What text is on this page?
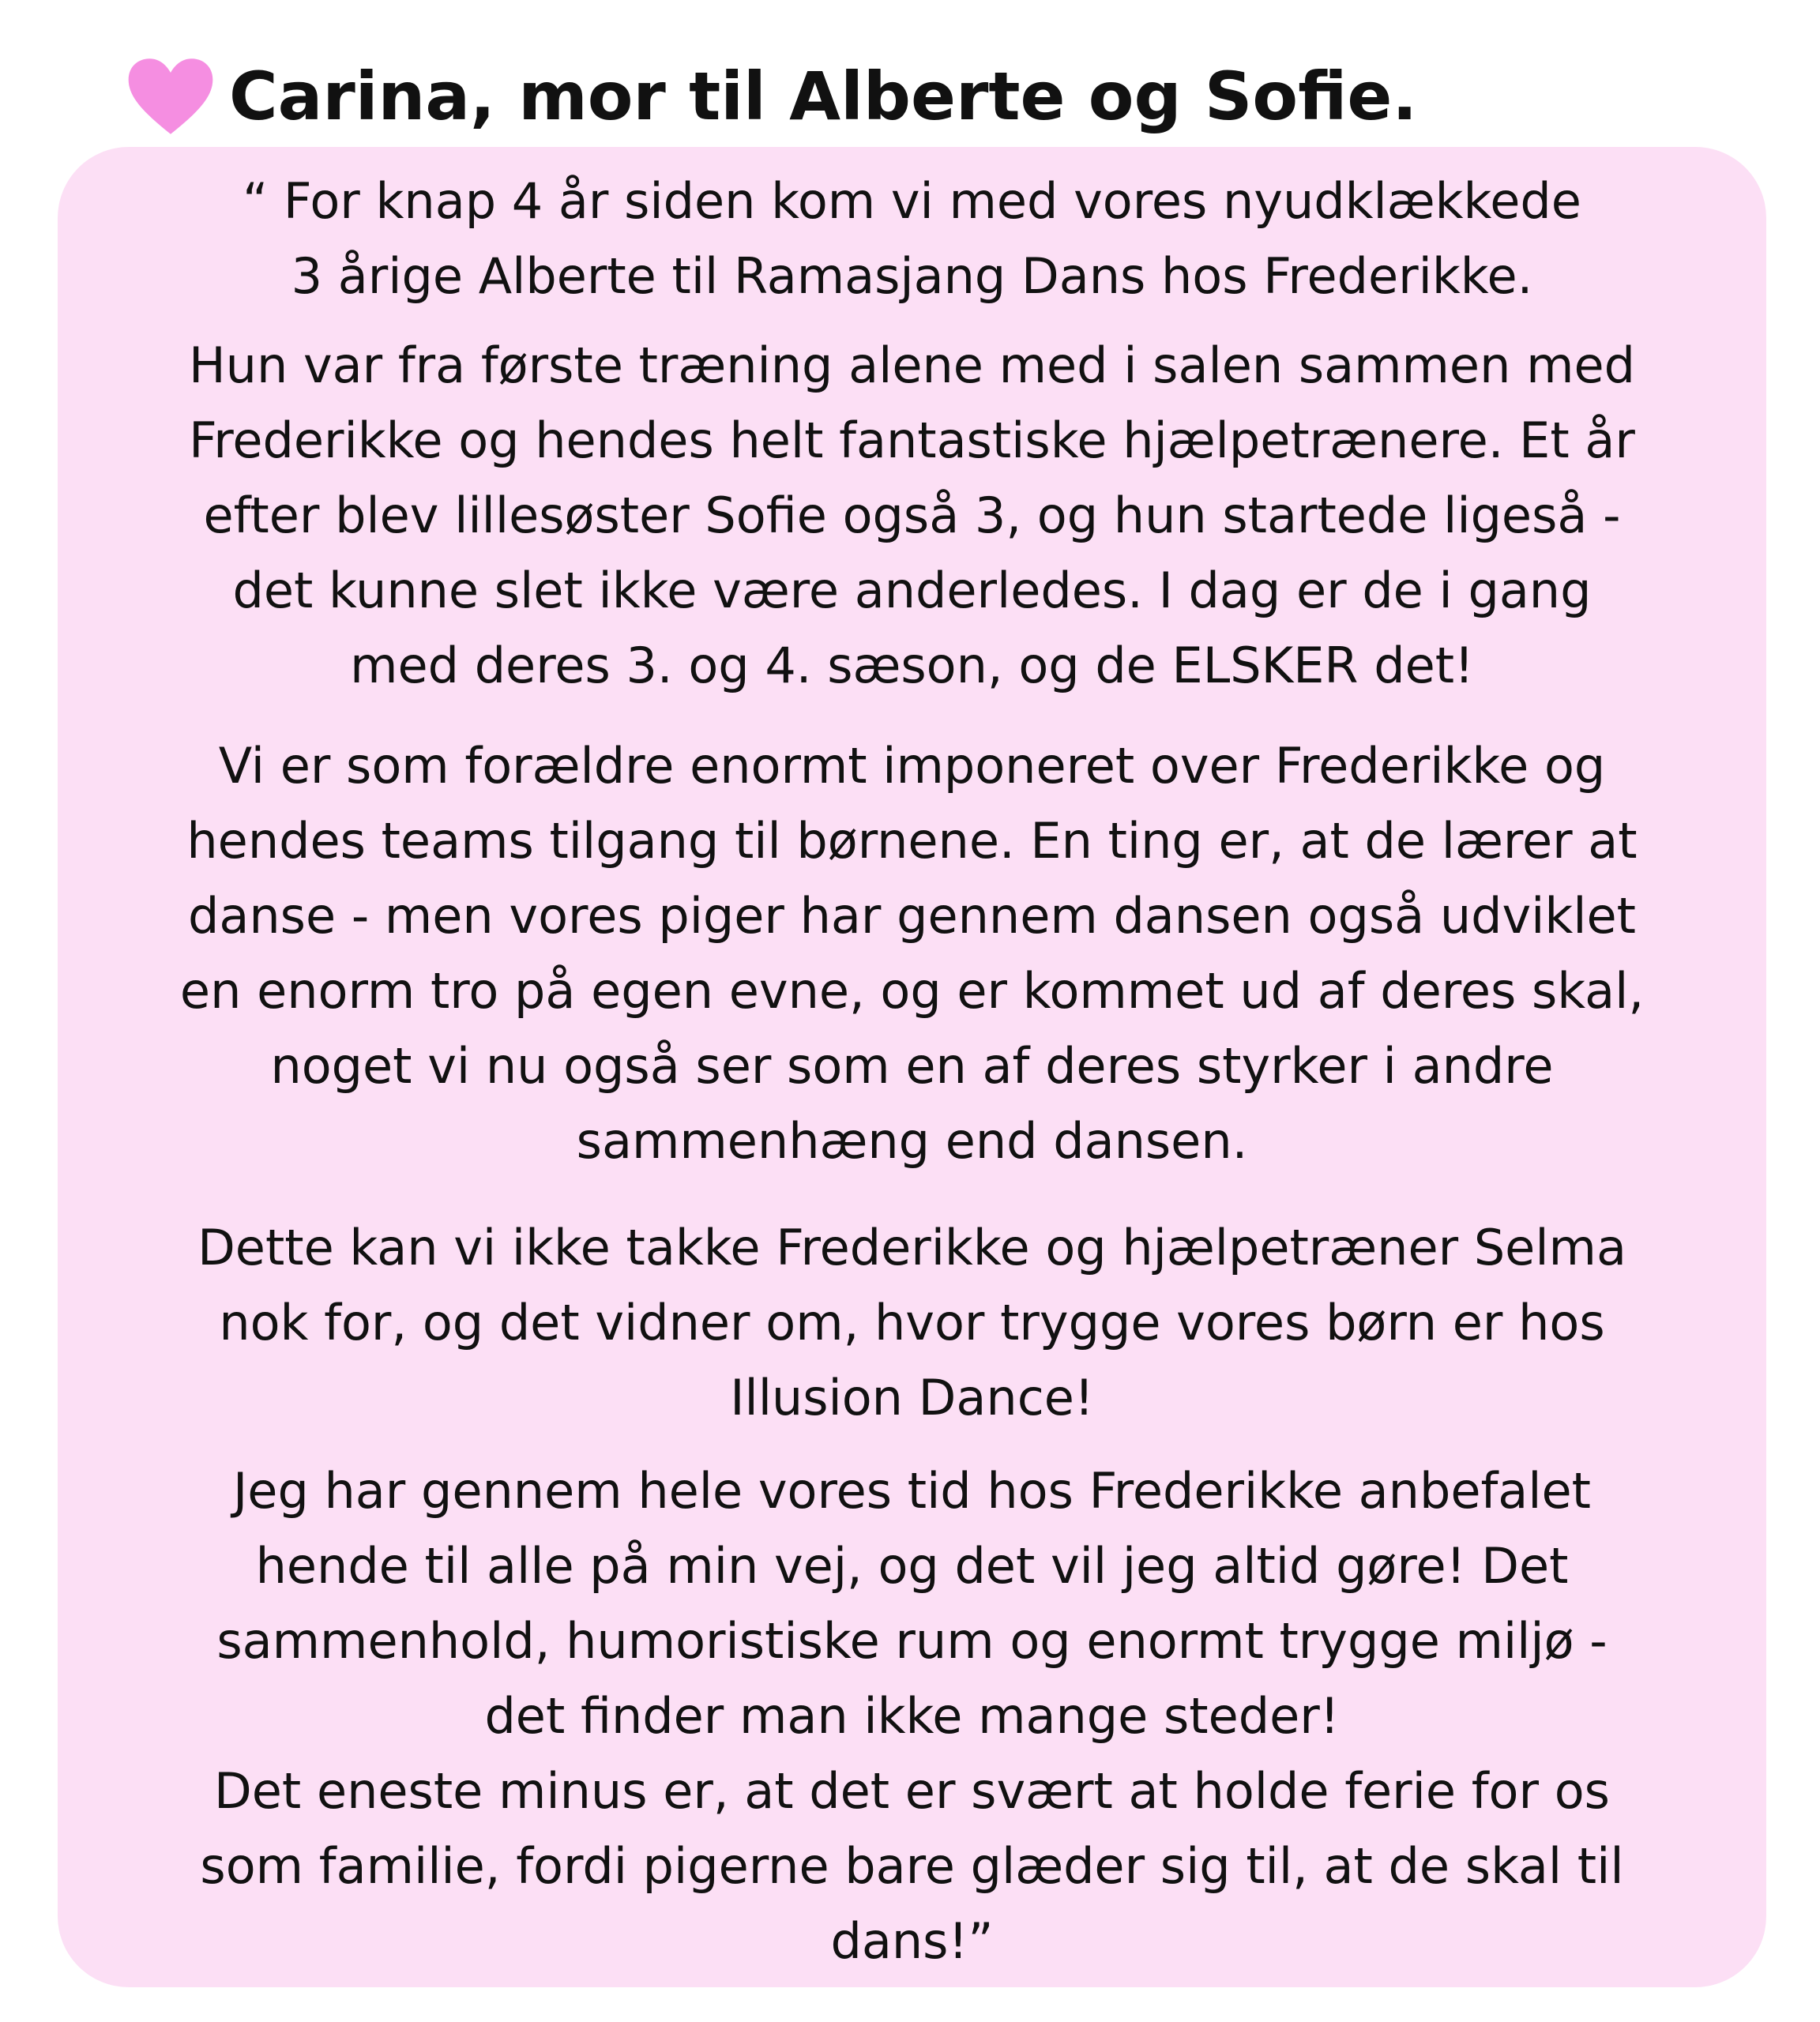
Carina, mor til Alberte og Sofie.

“ For knap 4 år siden kom vi med vores nyudklækkede
3 årige Alberte til Ramasjang Dans hos Frederikke.

Hun var fra første træning alene med i salen sammen med
Frederikke og hendes helt fantastiske hjælpetrænere. Et år
efter blev lillesøster Sofie også 3, og hun startede ligeså -
det kunne slet ikke være anderledes. I dag er de i gang
med deres 3. og 4. sæson, og de ELSKER det!

Vi er som forældre enormt imponeret over Frederikke og
hendes teams tilgang til børnene. En ting er, at de lærer at
danse - men vores piger har gennem dansen også udviklet
en enorm tro på egen evne, og er kommet ud af deres skal,
noget vi nu også ser som en af deres styrker i andre
sammenhæng end dansen.

Dette kan vi ikke takke Frederikke og hjælpetræner Selma
nok for, og det vidner om, hvor trygge vores børn er hos
Illusion Dance!

Jeg har gennem hele vores tid hos Frederikke anbefalet
hende til alle på min vej, og det vil jeg altid gøre! Det
sammenhold, humoristiske rum og enormt trygge miljø -
det finder man ikke mange steder!
Det eneste minus er, at det er svært at holde ferie for os
som familie, fordi pigerne bare glæder sig til, at de skal til
dans!”
